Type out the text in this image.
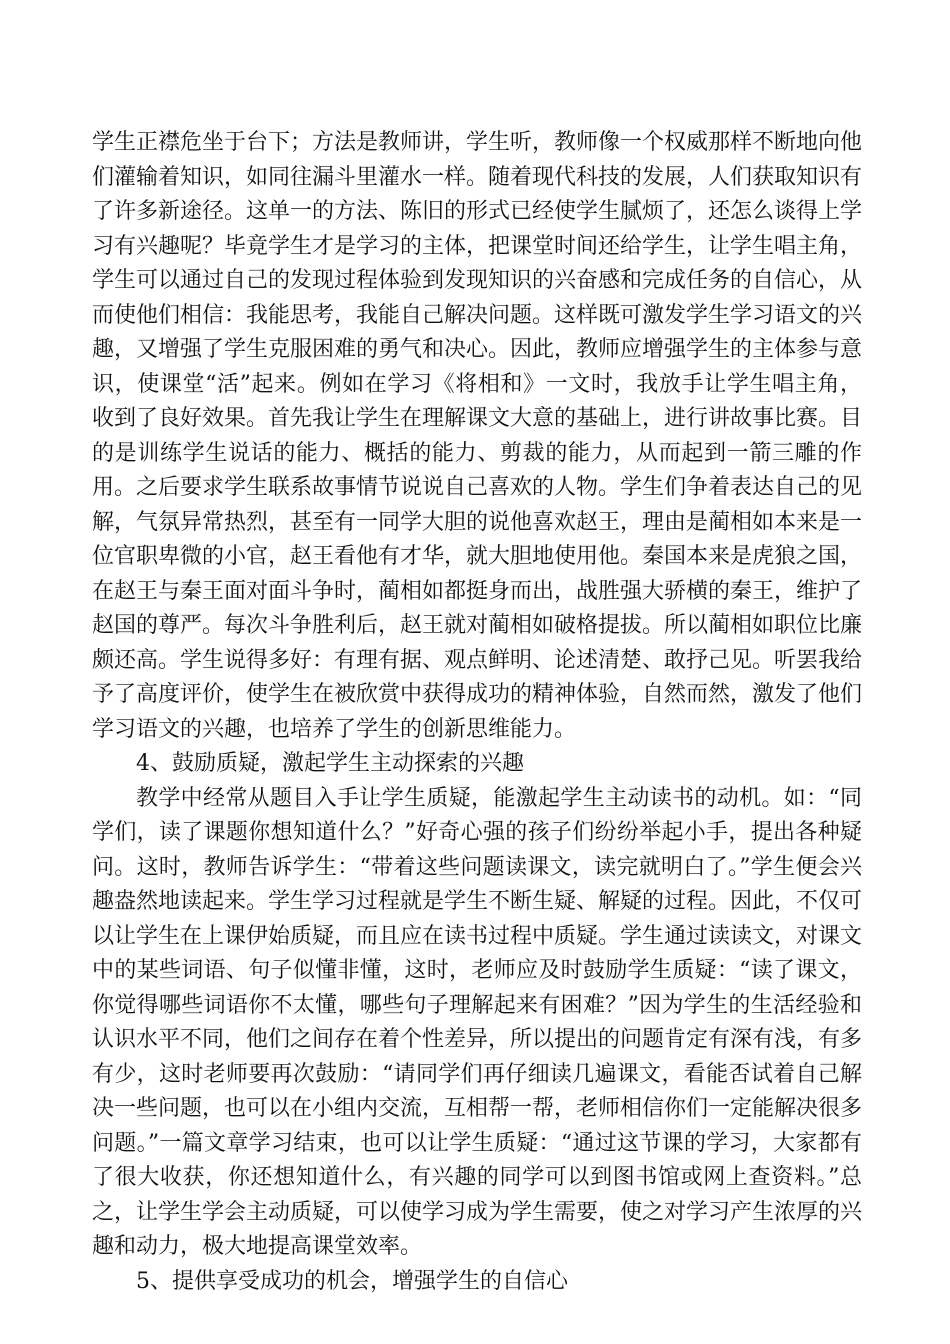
学生正襟危坐于台下；方法是教师讲，学生听，教师像一个权威那样不断地向他们灌输着知识，如同往漏斗里灌水一样。随着现代科技的发展，人们获取知识有了许多新途径。这单一的方法、陈旧的形式已经使学生腻烦了，还怎么谈得上学习有兴趣呢？毕竟学生才是学习的主体，把课堂时间还给学生，让学生唱主角，学生可以通过自己的发现过程体验到发现知识的兴奋感和完成任务的自信心，从而使他们相信：我能思考，我能自己解决问题。这样既可激发学生学习语文的兴趣，又增强了学生克服困难的勇气和决心。因此，教师应增强学生的主体参与意识，使课堂“活”起来。例如在学习《将相和》一文时，我放手让学生唱主角，收到了良好效果。首先我让学生在理解课文大意的基础上，进行讲故事比赛。目的是训练学生说话的能力、概括的能力、剪裁的能力，从而起到一箭三雕的作用。之后要求学生联系故事情节说说自己喜欢的人物。学生们争着表达自己的见解，气氛异常热烈，甚至有一同学大胆的说他喜欢赵王，理由是蔺相如本来是一位官职卑微的小官，赵王看他有才华，就大胆地使用他。秦国本来是虎狼之国，在赵王与秦王面对面斗争时，蔺相如都挺身而出，战胜强大骄横的秦王，维护了赵国的尊严。每次斗争胜利后，赵王就对蔺相如破格提拔。所以蔺相如职位比廉颇还高。学生说得多好：有理有据、观点鲜明、论述清楚、敢抒己见。听罢我给予了高度评价，使学生在被欣赏中获得成功的精神体验，自然而然，激发了他们学习语文的兴趣，也培养了学生的创新思维能力。

4、鼓励质疑，激起学生主动探索的兴趣

教学中经常从题目入手让学生质疑，能激起学生主动读书的动机。如：“同学们，读了课题你想知道什么？”好奇心强的孩子们纷纷举起小手，提出各种疑问。这时，教师告诉学生：“带着这些问题读课文，读完就明白了。”学生便会兴趣盎然地读起来。学生学习过程就是学生不断生疑、解疑的过程。因此，不仅可以让学生在上课伊始质疑，而且应在读书过程中质疑。学生通过读读文，对课文中的某些词语、句子似懂非懂，这时，老师应及时鼓励学生质疑：“读了课文，你觉得哪些词语你不太懂，哪些句子理解起来有困难？”因为学生的生活经验和认识水平不同，他们之间存在着个性差异，所以提出的问题肯定有深有浅，有多有少，这时老师要再次鼓励：“请同学们再仔细读几遍课文，看能否试着自己解决一些问题，也可以在小组内交流，互相帮一帮，老师相信你们一定能解决很多问题。”一篇文章学习结束，也可以让学生质疑：“通过这节课的学习，大家都有了很大收获，你还想知道什么，有兴趣的同学可以到图书馆或网上查资料。”总之，让学生学会主动质疑，可以使学习成为学生需要，使之对学习产生浓厚的兴趣和动力，极大地提高课堂效率。

5、提供享受成功的机会，增强学生的自信心
